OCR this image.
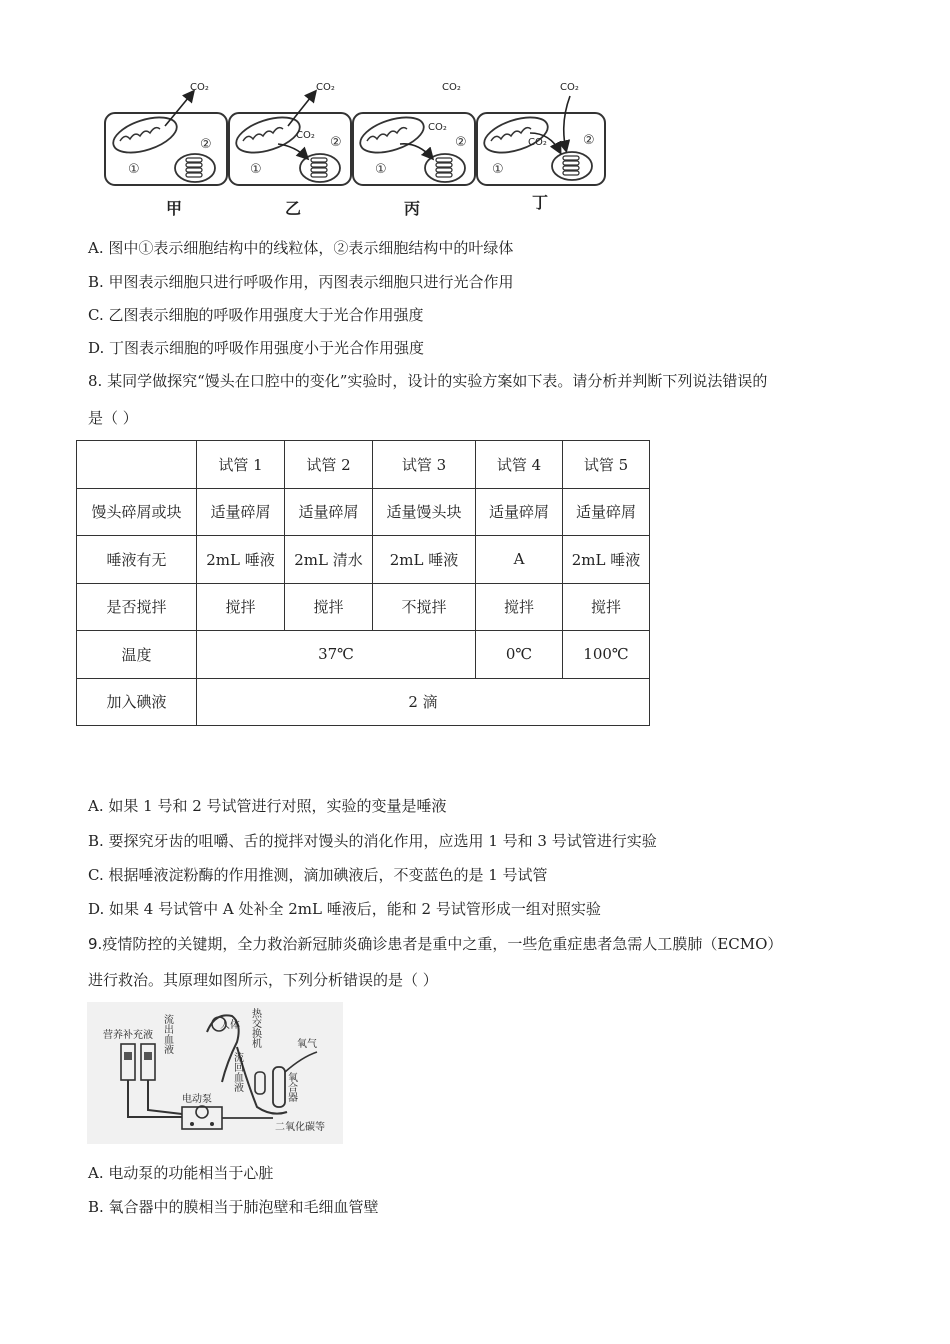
CO₂	CO₂
CO₂
CO₂
CO₂
CO₂
CO₂
①
②
①
②
①
②
①
②
甲	乙	丙	丁
A. 图中①表示细胞结构中的线粒体，②表示细胞结构中的叶绿体
B. 甲图表示细胞只进行呼吸作用，丙图表示细胞只进行光合作用
C. 乙图表示细胞的呼吸作用强度大于光合作用强度
D. 丁图表示细胞的呼吸作用强度小于光合作用强度
8. 某同学做探究“馒头在口腔中的变化”实验时，设计的实验方案如下表。请分析并判断下列说法错误的
是（ ）
	试管 1	试管 2	试管 3	试管 4	试管 5
馒头碎屑或块	适量碎屑	适量碎屑	适量馒头块	适量碎屑	适量碎屑
唾液有无	2mL 唾液	2mL 清水	2mL 唾液	A	2mL 唾液
是否搅拌	搅拌	搅拌	不搅拌	搅拌	搅拌
温度	37℃			0℃	100℃
加入碘液	2 滴				
A. 如果 1 号和 2 号试管进行对照，实验的变量是唾液
B. 要探究牙齿的咀嚼、舌的搅拌对馒头的消化作用，应选用 1 号和 3 号试管进行实验
C. 根据唾液淀粉酶的作用推测，滴加碘液后，不变蓝色的是 1 号试管
D. 如果 4 号试管中 A 处补全 2mL 唾液后，能和 2 号试管形成一组对照实验
9.疫情防控的关键期，全力救治新冠肺炎确诊患者是重中之重，一些危重症患者急需人工膜肺（ECMO）
进行救治。其原理如图所示，下列分析错误的是（ ）
营养补充液 流出血液	人体 热交换机
流回血液
氧气
氧合器
电动泵
二氧化碳等
A. 电动泵的功能相当于心脏
B. 氧合器中的膜相当于肺泡壁和毛细血管壁
